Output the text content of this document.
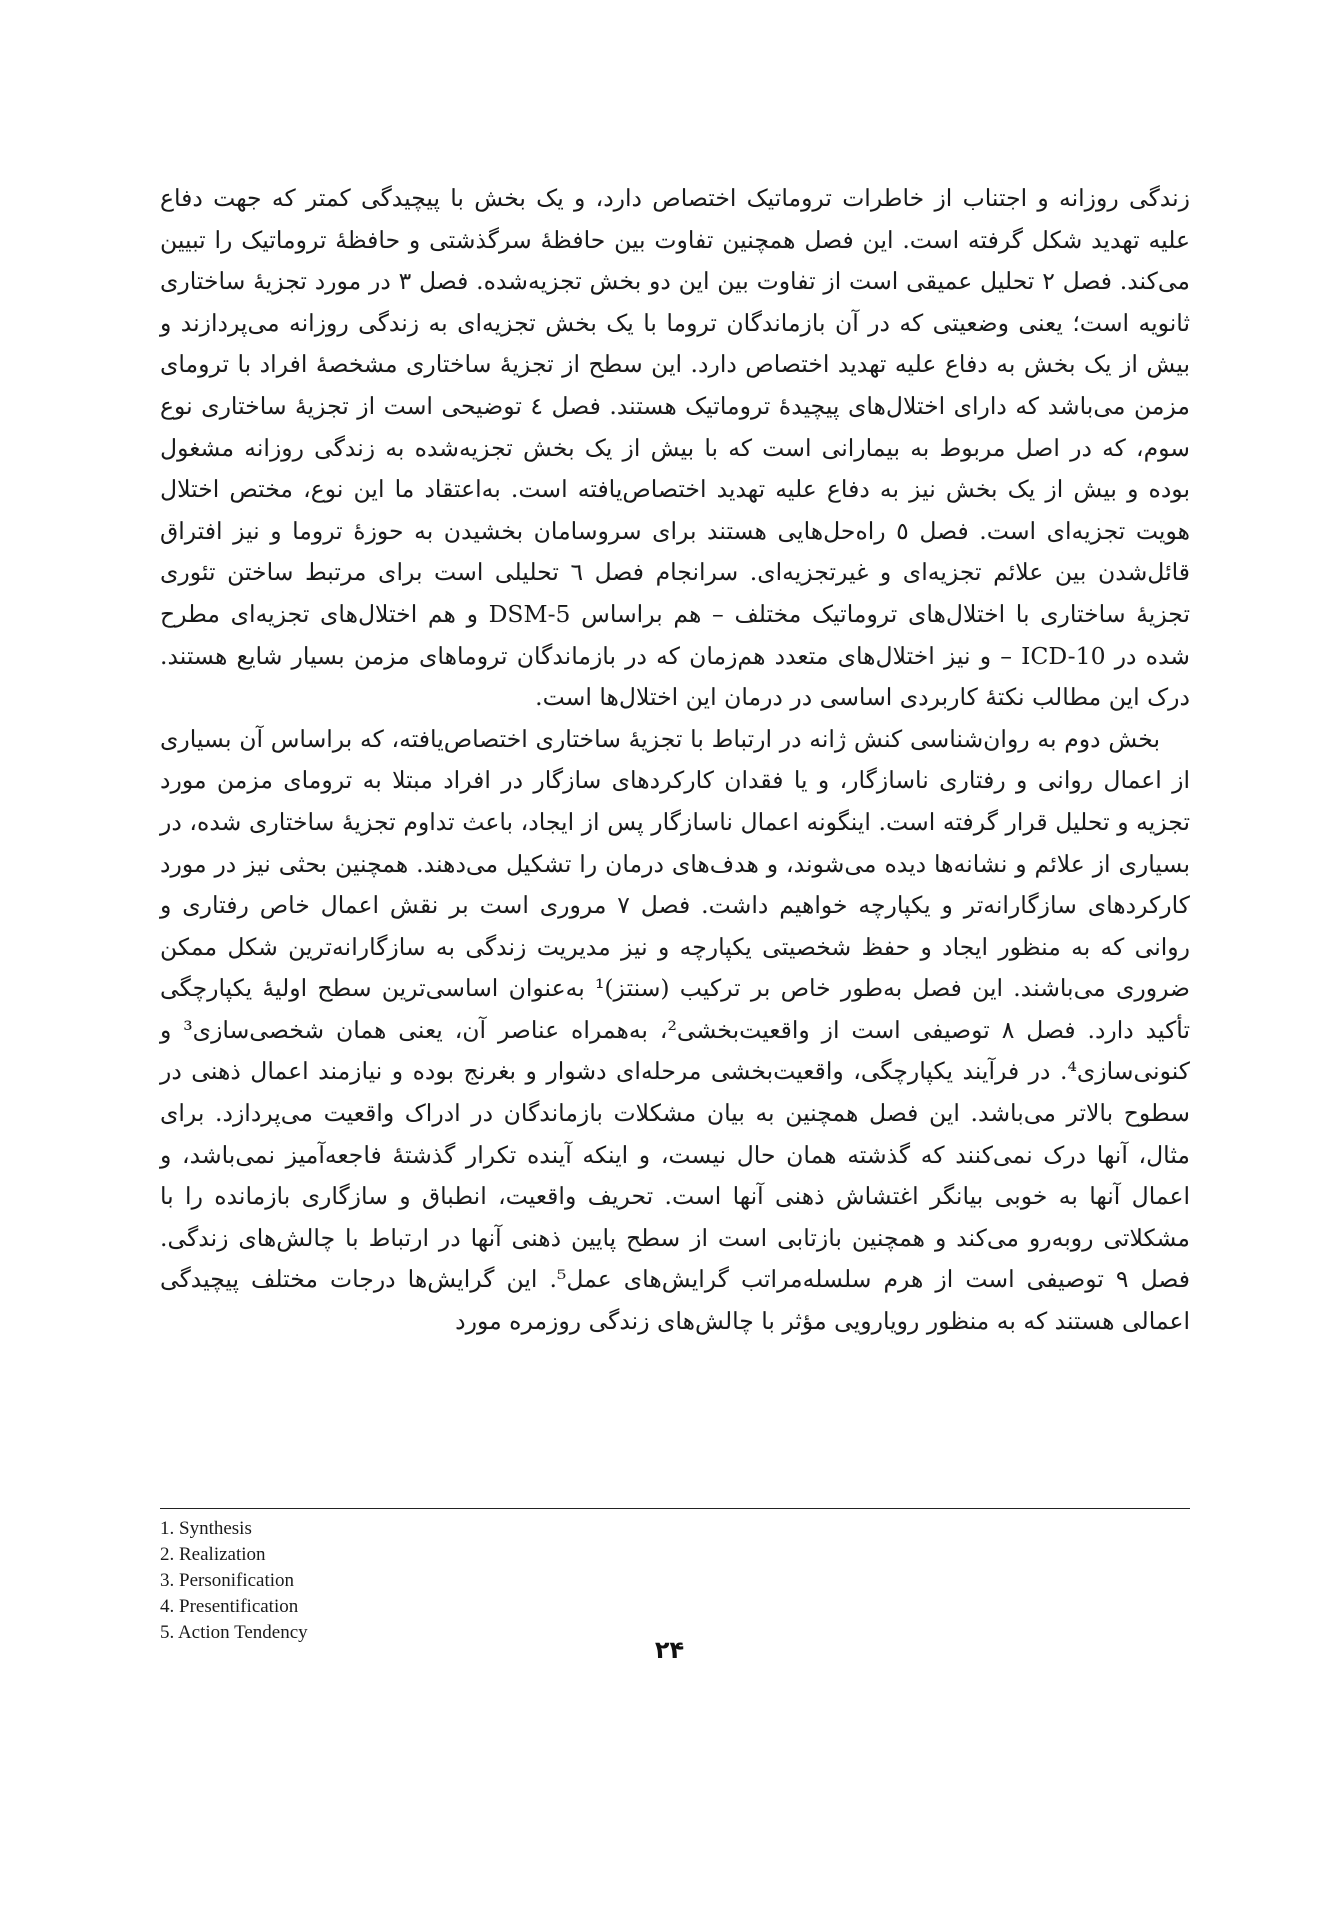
زندگی روزانه و اجتناب از خاطرات تروماتیک اختصاص دارد، و یک بخش با پیچیدگی کمتر که جهت دفاع علیه تهدید شکل گرفته است. این فصل همچنین تفاوت بین حافظهٔ سرگذشتی و حافظهٔ تروماتیک را تبیین می‌کند. فصل ۲ تحلیل عمیقی است از تفاوت بین این دو بخش تجزیه‌شده. فصل ۳ در مورد تجزیهٔ ساختاری ثانویه است؛ یعنی وضعیتی که در آن بازماندگان تروما با یک بخش تجزیه‌ای به زندگی روزانه می‌پردازند و بیش از یک بخش به دفاع علیه تهدید اختصاص دارد. این سطح از تجزیهٔ ساختاری مشخصهٔ افراد با ترومای مزمن می‌باشد که دارای اختلال‌های پیچیدهٔ تروماتیک هستند. فصل ٤ توضیحی است از تجزیهٔ ساختاری نوع سوم، که در اصل مربوط به بیمارانی است که با بیش از یک بخش تجزیه‌شده به زندگی روزانه مشغول بوده و بیش از یک بخش نیز به دفاع علیه تهدید اختصاص‌یافته است. به‌اعتقاد ما این نوع، مختص اختلال هویت تجزیه‌ای است. فصل ٥ راه‌حل‌هایی هستند برای سروسامان بخشیدن به حوزهٔ تروما و نیز افتراق قائل‌شدن بین علائم تجزیه‌ای و غیرتجزیه‌ای. سرانجام فصل ٦ تحلیلی است برای مرتبط ساختن تئوری تجزیهٔ ساختاری با اختلال‌های تروماتیک مختلف – هم براساس DSM-5 و هم اختلال‌های تجزیه‌ای مطرح شده در ICD-10 – و نیز اختلال‌های متعدد هم‌زمان که در بازماندگان تروماهای مزمن بسیار شایع هستند. درک این مطالب نکتهٔ کاربردی اساسی در درمان این اختلال‌ها است.

بخش دوم به روان‌شناسی کنش ژانه در ارتباط با تجزیهٔ ساختاری اختصاص‌یافته، که براساس آن بسیاری از اعمال روانی و رفتاری ناسازگار، و یا فقدان کارکردهای سازگار در افراد مبتلا به ترومای مزمن مورد تجزیه و تحلیل قرار گرفته است. اینگونه اعمال ناسازگار پس از ایجاد، باعث تداوم تجزیهٔ ساختاری شده، در بسیاری از علائم و نشانه‌ها دیده می‌شوند، و هدف‌های درمان را تشکیل می‌دهند. همچنین بحثی نیز در مورد کارکردهای سازگارانه‌تر و یکپارچه خواهیم داشت. فصل ۷ مروری است بر نقش اعمال خاص رفتاری و روانی که به منظور ایجاد و حفظ شخصیتی یکپارچه و نیز مدیریت زندگی به سازگارانه‌ترین شکل ممکن ضروری می‌باشند. این فصل به‌طور خاص بر ترکیب (سنتز)¹ به‌عنوان اساسی‌ترین سطح اولیهٔ یکپارچگی تأکید دارد. فصل ۸ توصیفی است از واقعیت‌بخشی²، به‌همراه عناصر آن، یعنی همان شخصی‌سازی³ و کنونی‌سازی⁴. در فرآیند یکپارچگی، واقعیت‌بخشی مرحله‌ای دشوار و بغرنج بوده و نیازمند اعمال ذهنی در سطوح بالاتر می‌باشد. این فصل همچنین به بیان مشکلات بازماندگان در ادراک واقعیت می‌پردازد. برای مثال، آنها درک نمی‌کنند که گذشته همان حال نیست، و اینکه آینده تکرار گذشتهٔ فاجعه‌آمیز نمی‌باشد، و اعمال آنها به خوبی بیانگر اغتشاش ذهنی آنها است. تحریف واقعیت، انطباق و سازگاری بازمانده را با مشکلاتی روبه‌رو می‌کند و همچنین بازتابی است از سطح پایین ذهنی آنها در ارتباط با چالش‌های زندگی. فصل ۹ توصیفی است از هرم سلسله‌مراتب گرایش‌های عمل⁵. این گرایش‌ها درجات مختلف پیچیدگی اعمالی هستند که به منظور رویارویی مؤثر با چالش‌های زندگی روزمره مورد

1. Synthesis
2. Realization
3. Personification
4. Presentification
5. Action Tendency
۲۴
